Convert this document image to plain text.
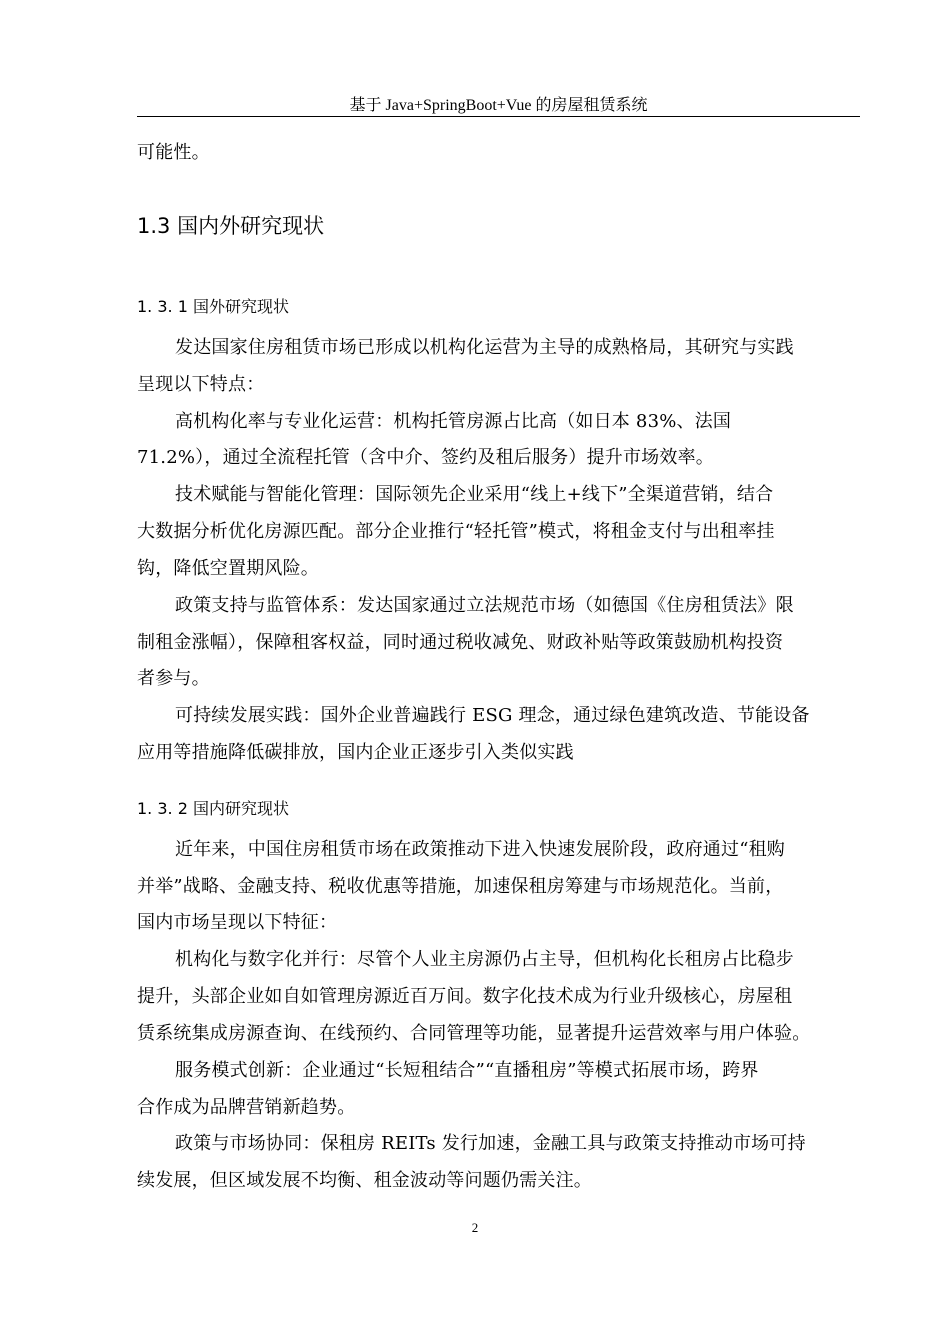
基于 Java+SpringBoot+Vue 的房屋租赁系统
可能性。
1.3 国内外研究现状
1. 3. 1 国外研究现状
发达国家住房租赁市场已形成以机构化运营为主导的成熟格局，其研究与实践
呈现以下特点：
高机构化率与专业化运营：机构托管房源占比高（如日本 83%、法国
71.2%），通过全流程托管（含中介、签约及租后服务）提升市场效率。
技术赋能与智能化管理：国际领先企业采用“线上+线下”全渠道营销，结合
大数据分析优化房源匹配。部分企业推行“轻托管”模式，将租金支付与出租率挂
钩，降低空置期风险。
政策支持与监管体系：发达国家通过立法规范市场（如德国《住房租赁法》限
制租金涨幅），保障租客权益，同时通过税收减免、财政补贴等政策鼓励机构投资
者参与。
可持续发展实践：国外企业普遍践行 ESG 理念，通过绿色建筑改造、节能设备
应用等措施降低碳排放，国内企业正逐步引入类似实践
1. 3. 2 国内研究现状
近年来，中国住房租赁市场在政策推动下进入快速发展阶段，政府通过“租购
并举”战略、金融支持、税收优惠等措施，加速保租房筹建与市场规范化。当前，
国内市场呈现以下特征：
机构化与数字化并行：尽管个人业主房源仍占主导，但机构化长租房占比稳步
提升，头部企业如自如管理房源近百万间。数字化技术成为行业升级核心，房屋租
赁系统集成房源查询、在线预约、合同管理等功能，显著提升运营效率与用户体验。
服务模式创新：企业通过“长短租结合”“直播租房”等模式拓展市场，跨界
合作成为品牌营销新趋势。
政策与市场协同：保租房 REITs 发行加速，金融工具与政策支持推动市场可持
续发展，但区域发展不均衡、租金波动等问题仍需关注。
2
